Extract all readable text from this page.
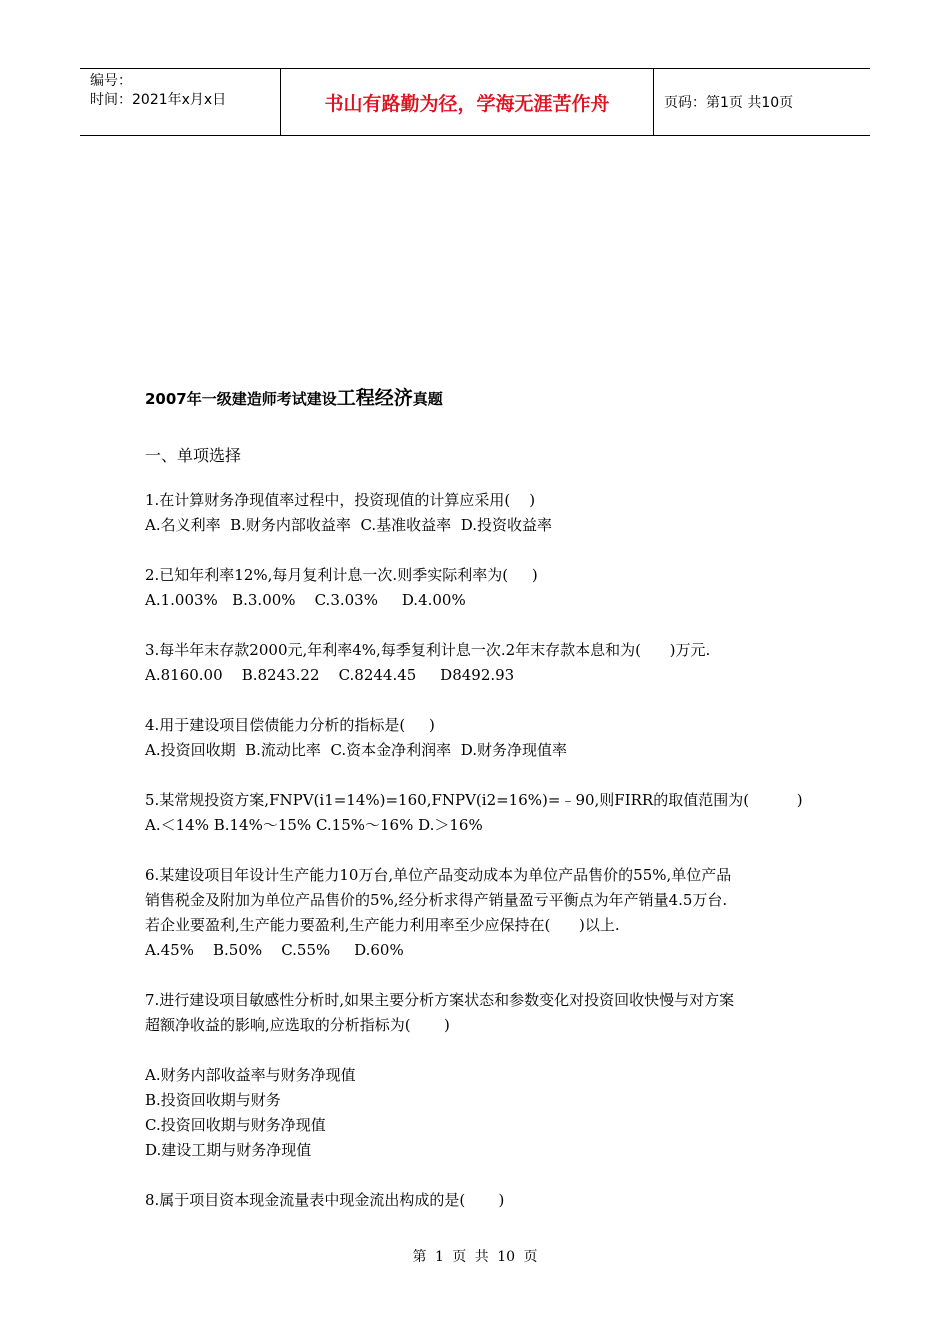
编号：
时间：2021年x月x日	书山有路勤为径，学海无涯苦作舟	页码：第1页 共10页
2007年一级建造师考试建设工程经济真题
一、单项选择

1.在计算财务净现值率过程中，投资现值的计算应采用(    )

A.名义利率  B.财务内部收益率  C.基准收益率  D.投资收益率

2.已知年利率12%,每月复利计息一次.则季实际利率为(     )

A.1.003%   B.3.00%    C.3.03%     D.4.00%

3.每半年末存款2000元,年利率4%,每季复利计息一次.2年末存款本息和为(      )万元.

A.8160.00    B.8243.22    C.8244.45     D8492.93

4.用于建设项目偿债能力分析的指标是(     )

A.投资回收期  B.流动比率  C.资本金净利润率  D.财务净现值率

5.某常规投资方案,FNPV(i1=14%)=160,FNPV(i2=16%)=﹣90,则FIRR的取值范围为(          )

A.＜14% B.14%～15% C.15%～16% D.＞16%

6.某建设项目年设计生产能力10万台,单位产品变动成本为单位产品售价的55%,单位产品

销售税金及附加为单位产品售价的5%,经分析求得产销量盈亏平衡点为年产销量4.5万台.

若企业要盈利,生产能力要盈利,生产能力利用率至少应保持在(      )以上.

A.45%    B.50%    C.55%     D.60%

7.进行建设项目敏感性分析时,如果主要分析方案状态和参数变化对投资回收快慢与对方案

超额净收益的影响,应选取的分析指标为(       )

A.财务内部收益率与财务净现值

B.投资回收期与财务

C.投资回收期与财务净现值

D.建设工期与财务净现值

8.属于项目资本现金流量表中现金流出构成的是(       )

第 1 页 共 10 页
